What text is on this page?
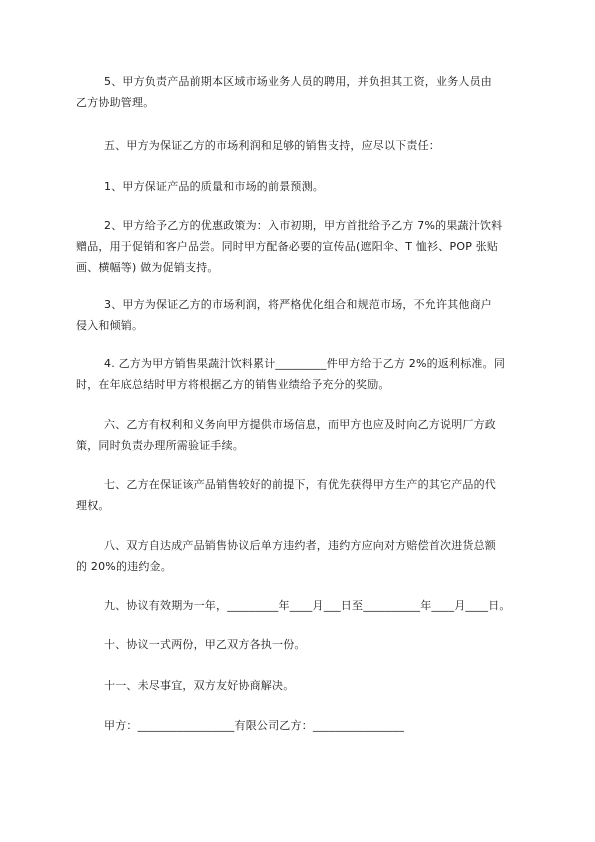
5、甲方负责产品前期本区域市场业务人员的聘用，并负担其工资，业务人员由
乙方协助管理。

五、甲方为保证乙方的市场利润和足够的销售支持，应尽以下责任：

1、甲方保证产品的质量和市场的前景预测。

2、甲方给予乙方的优惠政策为：入市初期，甲方首批给予乙方 7%的果蔬汁饮料
赠品，用于促销和客户品尝。同时甲方配备必要的宣传品(遮阳伞、T 恤衫、POP 张贴
画、横幅等) 做为促销支持。

3、甲方为保证乙方的市场利润，将严格优化组合和规范市场，不允许其他商户
侵入和倾销。

4. 乙方为甲方销售果蔬汁饮料累计_________件甲方给于乙方 2%的返利标准。同
时，在年底总结时甲方将根据乙方的销售业绩给予充分的奖励。

六、乙方有权利和义务向甲方提供市场信息，而甲方也应及时向乙方说明厂方政
策，同时负责办理所需验证手续。

七、乙方在保证该产品销售较好的前提下，有优先获得甲方生产的其它产品的代
理权。

八、双方自达成产品销售协议后单方违约者，违约方应向对方赔偿首次进货总额
的 20%的违约金。

九、协议有效期为一年，_________年____月___日至__________年____月____日。

十、协议一式两份，甲乙双方各执一份。

十一、未尽事宜，双方友好协商解决。

甲方：_________________有限公司乙方：________________
